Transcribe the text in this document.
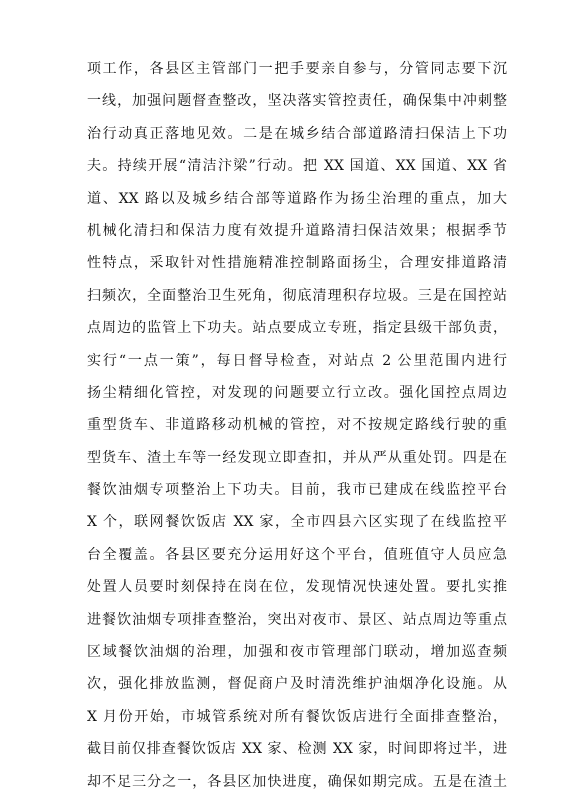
项工作，各县区主管部门一把手要亲自参与，分管同志要下沉
一线，加强问题督查整改，坚决落实管控责任，确保集中冲刺整
治行动真正落地见效。二是在城乡结合部道路清扫保洁上下功
夫。持续开展“清洁汴梁”行动。把 XX 国道、XX 国道、XX 省
道、XX 路以及城乡结合部等道路作为扬尘治理的重点，加大
机械化清扫和保洁力度有效提升道路清扫保洁效果；根据季节
性特点，采取针对性措施精准控制路面扬尘，合理安排道路清
扫频次，全面整治卫生死角，彻底清理积存垃圾。三是在国控站
点周边的监管上下功夫。站点要成立专班，指定县级干部负责，
实行“一点一策”，每日督导检查，对站点 2 公里范围内进行
扬尘精细化管控，对发现的问题要立行立改。强化国控点周边
重型货车、非道路移动机械的管控，对不按规定路线行驶的重
型货车、渣土车等一经发现立即查扣，并从严从重处罚。四是在
餐饮油烟专项整治上下功夫。目前，我市已建成在线监控平台
X 个，联网餐饮饭店 XX 家，全市四县六区实现了在线监控平
台全覆盖。各县区要充分运用好这个平台，值班值守人员应急
处置人员要时刻保持在岗在位，发现情况快速处置。要扎实推
进餐饮油烟专项排查整治，突出对夜市、景区、站点周边等重点
区域餐饮油烟的治理，加强和夜市管理部门联动，增加巡查频
次，强化排放监测，督促商户及时清洗维护油烟净化设施。从
X 月份开始，市城管系统对所有餐饮饭店进行全面排查整治，
截目前仅排查餐饮饭店 XX 家、检测 XX 家，时间即将过半，进
却不足三分之一，各县区加快进度，确保如期完成。五是在渣土
